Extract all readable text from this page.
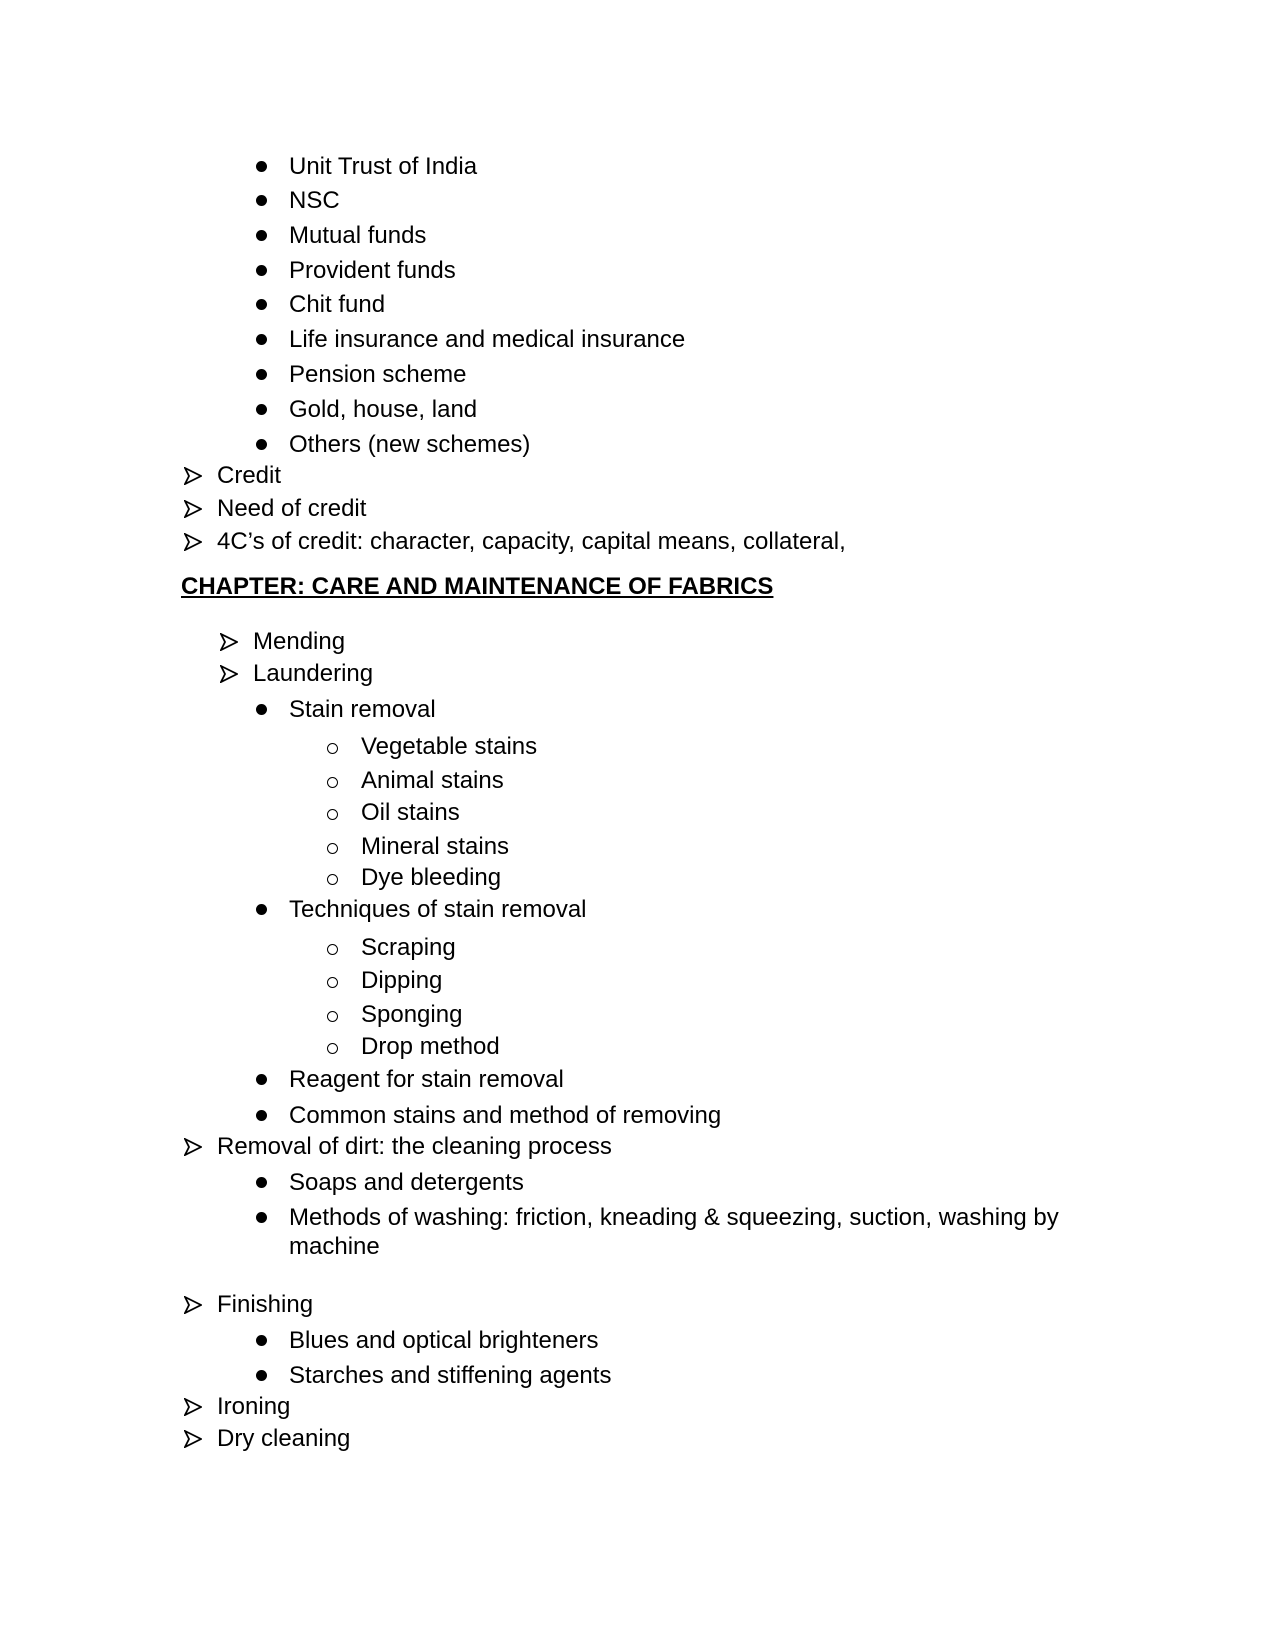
Unit Trust of India
NSC
Mutual funds
Provident funds
Chit fund
Life insurance and medical insurance
Pension scheme
Gold, house, land
Others (new schemes)
Credit
Need of credit
4C’s of credit: character, capacity, capital means, collateral,
CHAPTER: CARE AND MAINTENANCE OF FABRICS
Mending
Laundering
Stain removal
Vegetable stains
Animal stains
Oil stains
Mineral stains
Dye bleeding
Techniques of stain removal
Scraping
Dipping
Sponging
Drop method
Reagent for stain removal
Common stains and method of removing
Removal of dirt: the cleaning process
Soaps and detergents
Methods of washing: friction, kneading & squeezing, suction, washing by
machine
Finishing
Blues and optical brighteners
Starches and stiffening agents
Ironing
Dry cleaning
